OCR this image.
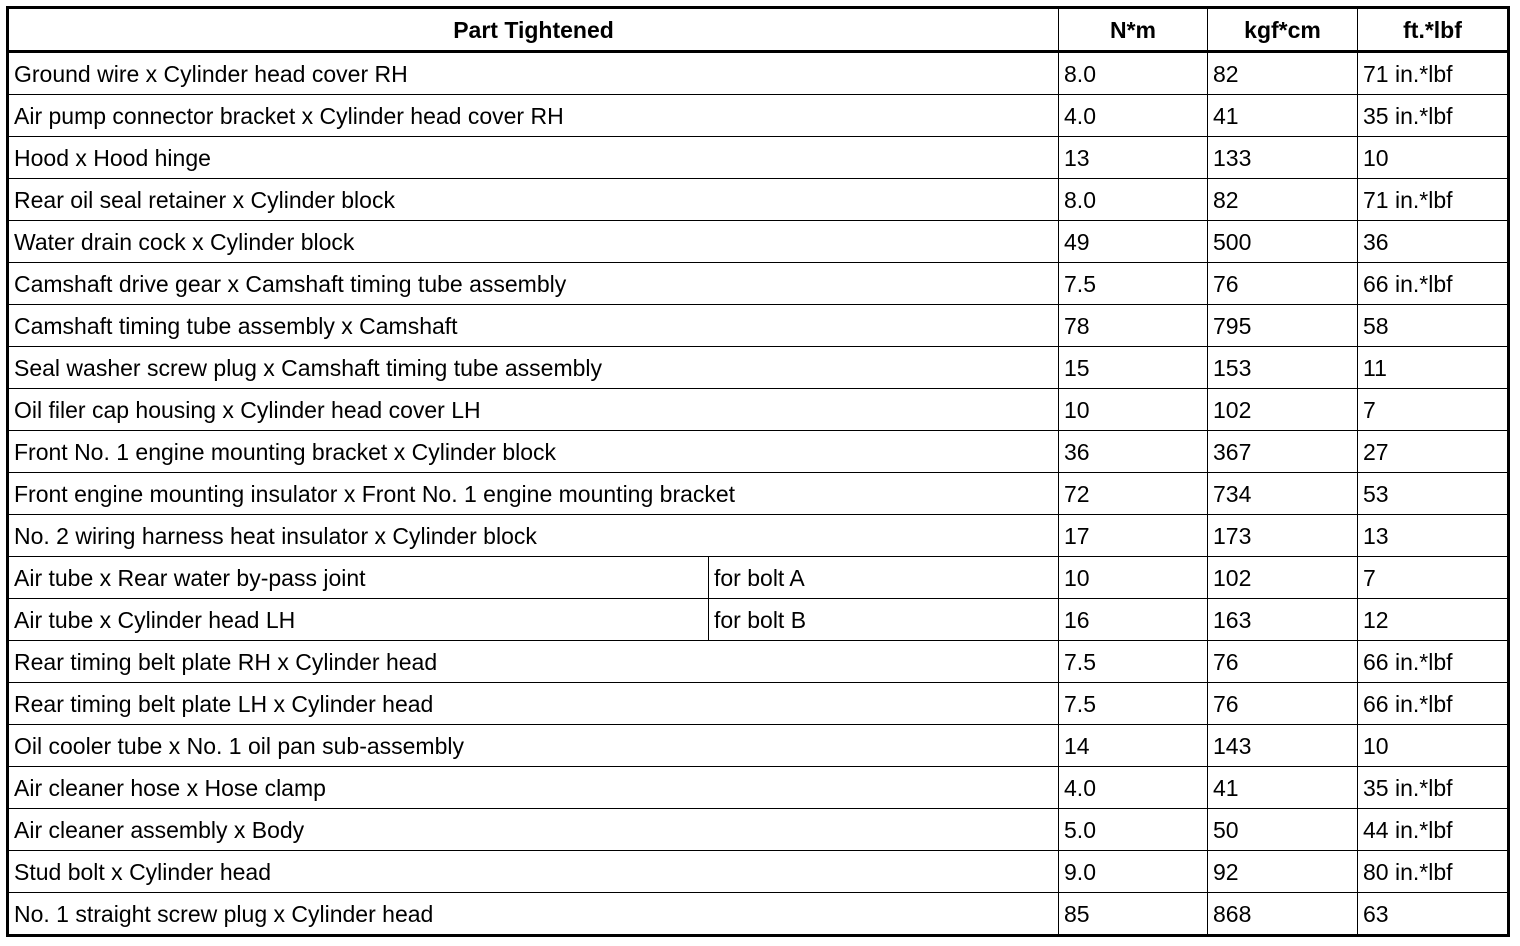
Part Tightened		N*m	kgf*cm	ft.*lbf
Ground wire x Cylinder head cover RH		8.0	82	71 in.*lbf
Air pump connector bracket x Cylinder head cover RH		4.0	41	35 in.*lbf
Hood x Hood hinge		13	133	10
Rear oil seal retainer x Cylinder block		8.0	82	71 in.*lbf
Water drain cock x Cylinder block		49	500	36
Camshaft drive gear x Camshaft timing tube assembly		7.5	76	66 in.*lbf
Camshaft timing tube assembly x Camshaft		78	795	58
Seal washer screw plug x Camshaft timing tube assembly		15	153	11
Oil filer cap housing x Cylinder head cover LH		10	102	7
Front No. 1 engine mounting bracket x Cylinder block		36	367	27
Front engine mounting insulator x Front No. 1 engine mounting bracket		72	734	53
No. 2 wiring harness heat insulator x Cylinder block		17	173	13
Air tube x Rear water by-pass joint	for bolt A	10	102	7
Air tube x Cylinder head LH	for bolt B	16	163	12
Rear timing belt plate RH x Cylinder head		7.5	76	66 in.*lbf
Rear timing belt plate LH x Cylinder head		7.5	76	66 in.*lbf
Oil cooler tube x No. 1 oil pan sub-assembly		14	143	10
Air cleaner hose x Hose clamp		4.0	41	35 in.*lbf
Air cleaner assembly x Body		5.0	50	44 in.*lbf
Stud bolt x Cylinder head		9.0	92	80 in.*lbf
No. 1 straight screw plug x Cylinder head		85	868	63
